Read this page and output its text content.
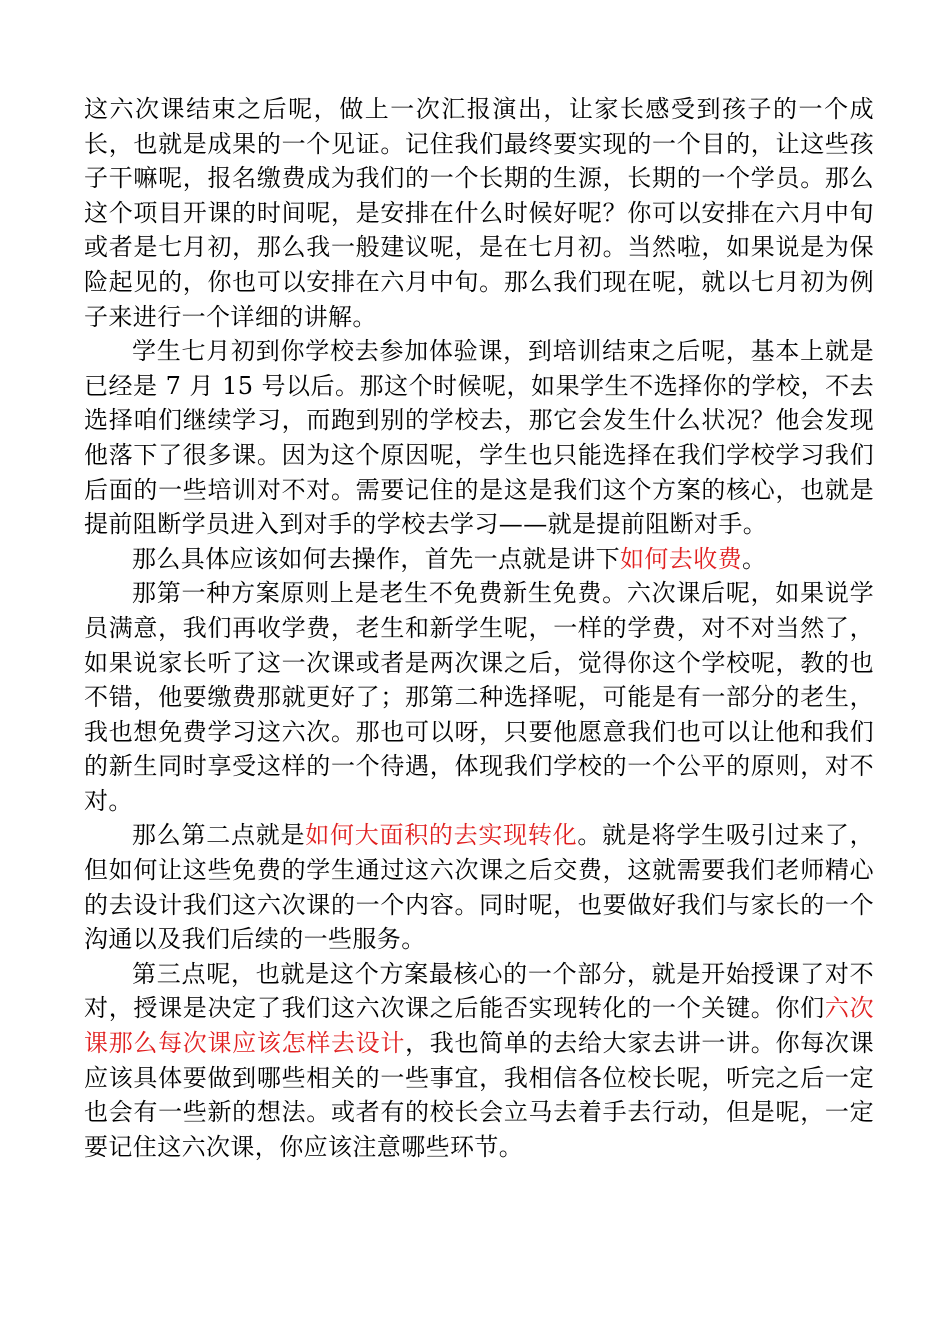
这六次课结束之后呢，做上一次汇报演出，让家长感受到孩子的一个成长，也就是成果的一个见证。记住我们最终要实现的一个目的，让这些孩子干嘛呢，报名缴费成为我们的一个长期的生源，长期的一个学员。那么这个项目开课的时间呢，是安排在什么时候好呢？你可以安排在六月中旬或者是七月初，那么我一般建议呢，是在七月初。当然啦，如果说是为保险起见的，你也可以安排在六月中旬。那么我们现在呢，就以七月初为例子来进行一个详细的讲解。

学生七月初到你学校去参加体验课，到培训结束之后呢，基本上就是已经是 7 月 15 号以后。那这个时候呢，如果学生不选择你的学校，不去选择咱们继续学习，而跑到别的学校去，那它会发生什么状况？他会发现他落下了很多课。因为这个原因呢，学生也只能选择在我们学校学习我们后面的一些培训对不对。需要记住的是这是我们这个方案的核心，也就是提前阻断学员进入到对手的学校去学习——就是提前阻断对手。

那么具体应该如何去操作，首先一点就是讲下如何去收费。

那第一种方案原则上是老生不免费新生免费。六次课后呢，如果说学员满意，我们再收学费，老生和新学生呢，一样的学费，对不对当然了，如果说家长听了这一次课或者是两次课之后，觉得你这个学校呢，教的也不错，他要缴费那就更好了；那第二种选择呢，可能是有一部分的老生，我也想免费学习这六次。那也可以呀，只要他愿意我们也可以让他和我们的新生同时享受这样的一个待遇，体现我们学校的一个公平的原则，对不对。

那么第二点就是如何大面积的去实现转化。就是将学生吸引过来了，但如何让这些免费的学生通过这六次课之后交费，这就需要我们老师精心的去设计我们这六次课的一个内容。同时呢，也要做好我们与家长的一个沟通以及我们后续的一些服务。

第三点呢，也就是这个方案最核心的一个部分，就是开始授课了对不对，授课是决定了我们这六次课之后能否实现转化的一个关键。你们六次课那么每次课应该怎样去设计，我也简单的去给大家去讲一讲。你每次课应该具体要做到哪些相关的一些事宜，我相信各位校长呢，听完之后一定也会有一些新的想法。或者有的校长会立马去着手去行动，但是呢，一定要记住这六次课，你应该注意哪些环节。
